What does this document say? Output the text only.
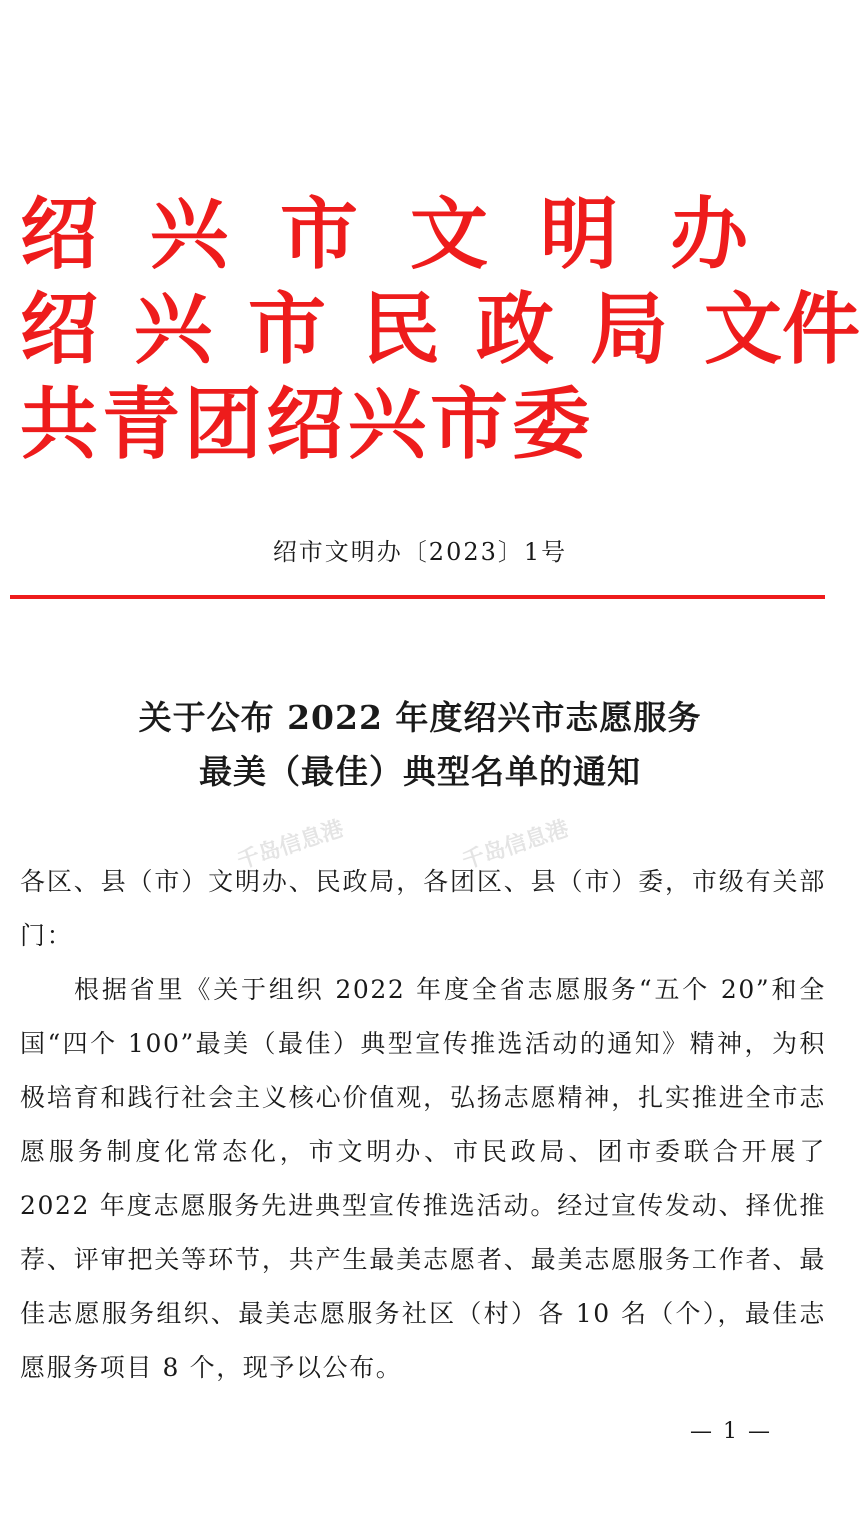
绍兴市文明办
绍兴市民政局文件
共青团绍兴市委
绍市文明办〔2023〕1号
关于公布 2022 年度绍兴市志愿服务
最美（最佳）典型名单的通知
千岛信息港	千岛信息港
各区、县（市）文明办、民政局，各团区、县（市）委，市级有关部门：
根据省里《关于组织 2022 年度全省志愿服务“五个 20”和全国“四个 100”最美（最佳）典型宣传推选活动的通知》精神，为积极培育和践行社会主义核心价值观，弘扬志愿精神，扎实推进全市志愿服务制度化常态化，市文明办、市民政局、团市委联合开展了 2022 年度志愿服务先进典型宣传推选活动。经过宣传发动、择优推荐、评审把关等环节，共产生最美志愿者、最美志愿服务工作者、最佳志愿服务组织、最美志愿服务社区（村）各 10 名（个），最佳志愿服务项目 8 个，现予以公布。
— 1 —
